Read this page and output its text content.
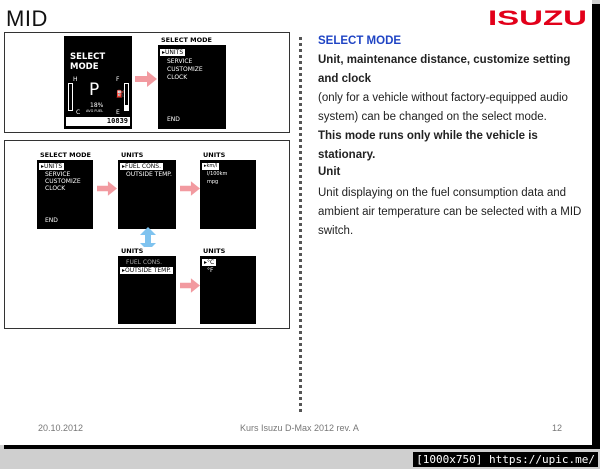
MID	ISUZU
SELECT MODE
H	F
P ⛽
18%
AVG FUEL
C	E
10839
SELECT MODE
▸UNITS
SERVICE
CUSTOMIZE
CLOCK
END
SELECT MODE
▸UNITS
SERVICE
CUSTOMIZE
CLOCK
END
UNITS
▸FUEL CONS.
OUTSIDE TEMP.
UNITS
▸km/l
l/100km
mpg
UNITS
FUEL CONS.
▸OUTSIDE TEMP.
UNITS
▸°C
°F
SELECT MODE
Unit, maintenance distance, customize setting and clock
(only for a vehicle without factory-equipped audio system) can be changed on the select mode.
This mode runs only while the vehicle is stationary.
Unit
Unit displaying on the fuel consumption data and ambient air temperature can be selected with a MID switch.
20.10.2012	Kurs Isuzu D-Max 2012 rev. A	12
[1000x750] https://upic.me/
